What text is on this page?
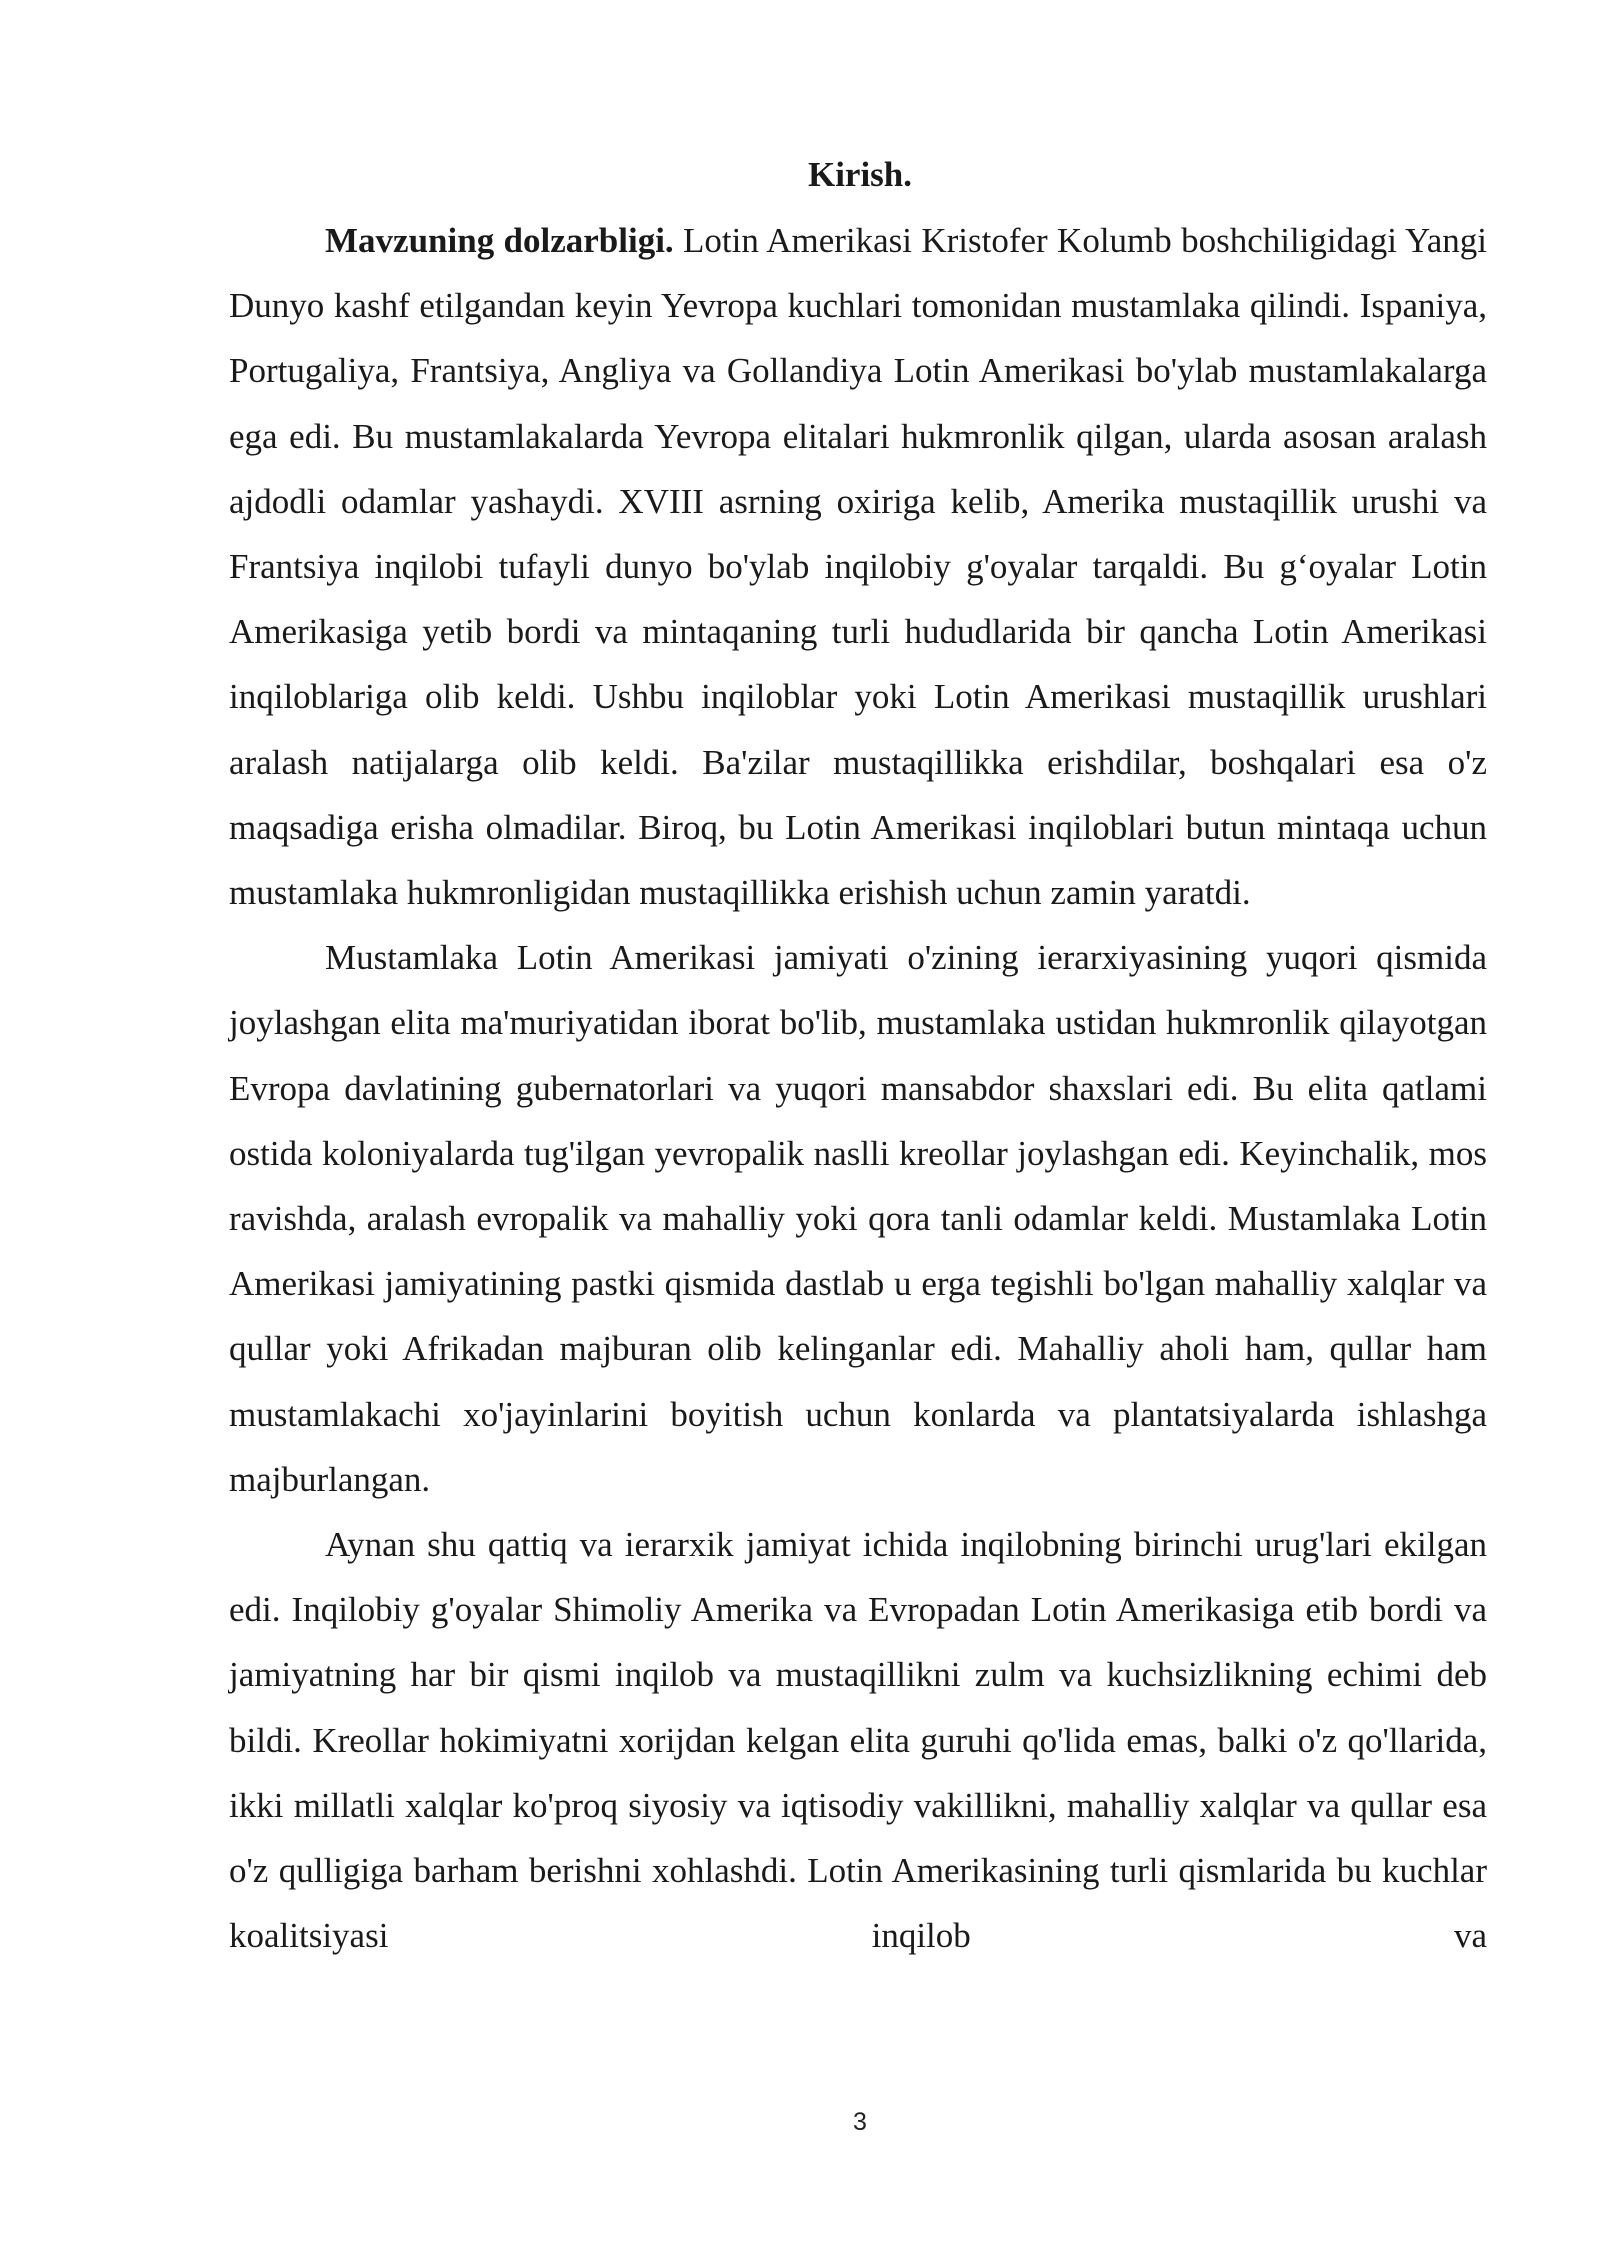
Kirish.

Mavzuning dolzarbligi. Lotin Amerikasi Kristofer Kolumb boshchiligidagi Yangi Dunyo kashf etilgandan keyin Yevropa kuchlari tomonidan mustamlaka qilindi. Ispaniya, Portugaliya, Frantsiya, Angliya va Gollandiya Lotin Amerikasi bo'ylab mustamlakalarga ega edi. Bu mustamlakalarda Yevropa elitalari hukmronlik qilgan, ularda asosan aralash ajdodli odamlar yashaydi. XVIII asrning oxiriga kelib, Amerika mustaqillik urushi va Frantsiya inqilobi tufayli dunyo bo'ylab inqilobiy g'oyalar tarqaldi. Bu g‘oyalar Lotin Amerikasiga yetib bordi va mintaqaning turli hududlarida bir qancha Lotin Amerikasi inqiloblariga olib keldi. Ushbu inqiloblar yoki Lotin Amerikasi mustaqillik urushlari aralash natijalarga olib keldi. Ba'zilar mustaqillikka erishdilar, boshqalari esa o'z maqsadiga erisha olmadilar. Biroq, bu Lotin Amerikasi inqiloblari butun mintaqa uchun mustamlaka hukmronligidan mustaqillikka erishish uchun zamin yaratdi.

Mustamlaka Lotin Amerikasi jamiyati o'zining ierarxiyasining yuqori qismida joylashgan elita ma'muriyatidan iborat bo'lib, mustamlaka ustidan hukmronlik qilayotgan Evropa davlatining gubernatorlari va yuqori mansabdor shaxslari edi. Bu elita qatlami ostida koloniyalarda tug'ilgan yevropalik naslli kreollar joylashgan edi. Keyinchalik, mos ravishda, aralash evropalik va mahalliy yoki qora tanli odamlar keldi. Mustamlaka Lotin Amerikasi jamiyatining pastki qismida dastlab u erga tegishli bo'lgan mahalliy xalqlar va qullar yoki Afrikadan majburan olib kelinganlar edi. Mahalliy aholi ham, qullar ham mustamlakachi xo'jayinlarini boyitish uchun konlarda va plantatsiyalarda ishlashga majburlangan.

Aynan shu qattiq va ierarxik jamiyat ichida inqilobning birinchi urug'lari ekilgan edi. Inqilobiy g'oyalar Shimoliy Amerika va Evropadan Lotin Amerikasiga etib bordi va jamiyatning har bir qismi inqilob va mustaqillikni zulm va kuchsizlikning echimi deb bildi. Kreollar hokimiyatni xorijdan kelgan elita guruhi qo'lida emas, balki o'z qo'llarida, ikki millatli xalqlar ko'proq siyosiy va iqtisodiy vakillikni, mahalliy xalqlar va qullar esa o'z qulligiga barham berishni xohlashdi. Lotin Amerikasining turli qismlarida bu kuchlar koalitsiyasi inqilob va

3
